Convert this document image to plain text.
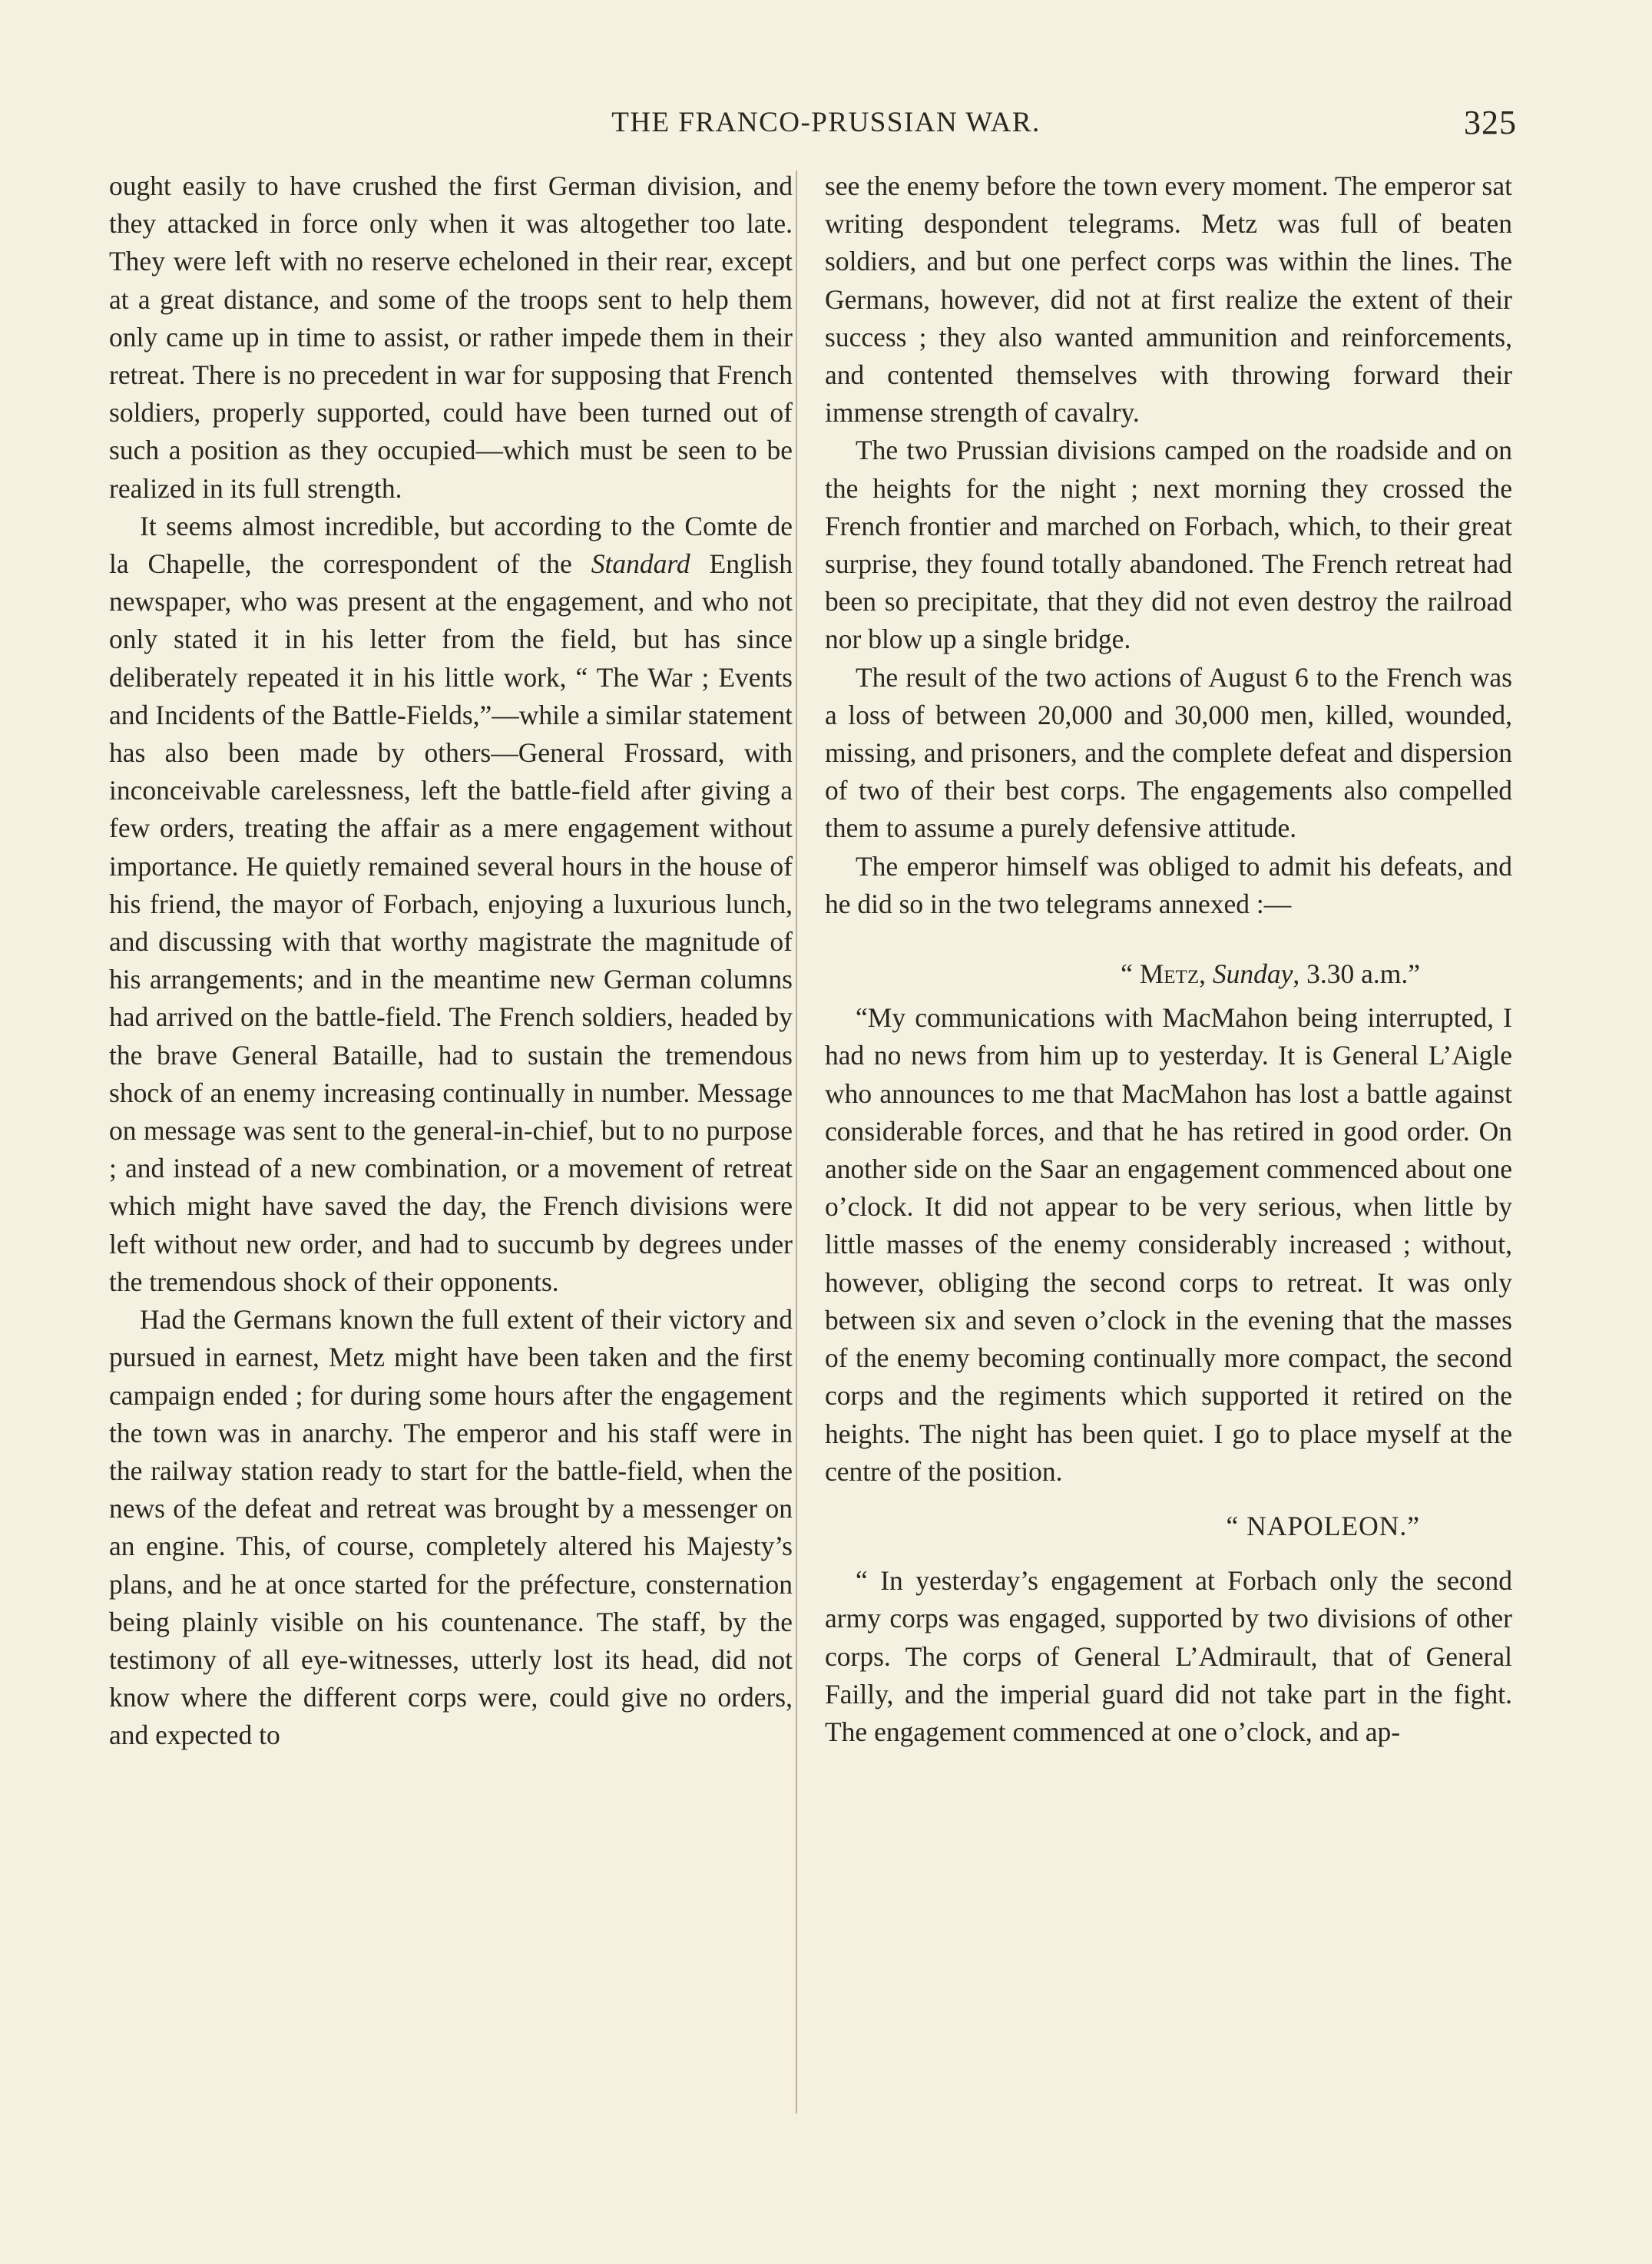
THE FRANCO-PRUSSIAN WAR.	325

ought easily to have crushed the first German division, and they attacked in force only when it was altogether too late. They were left with no reserve echeloned in their rear, except at a great distance, and some of the troops sent to help them only came up in time to assist, or rather impede them in their retreat. There is no precedent in war for supposing that French soldiers, properly supported, could have been turned out of such a position as they occupied—which must be seen to be realized in its full strength.

It seems almost incredible, but according to the Comte de la Chapelle, the correspondent of the Standard English newspaper, who was present at the engagement, and who not only stated it in his letter from the field, but has since deliberately repeated it in his little work, “ The War ; Events and Incidents of the Battle-Fields,”—while a similar statement has also been made by others—General Frossard, with inconceivable carelessness, left the battle-field after giving a few orders, treating the affair as a mere engagement without importance. He quietly remained several hours in the house of his friend, the mayor of Forbach, enjoying a luxurious lunch, and discussing with that worthy magistrate the magnitude of his arrangements; and in the meantime new German columns had arrived on the battle-field. The French soldiers, headed by the brave General Bataille, had to sustain the tremendous shock of an enemy increasing continually in number. Message on message was sent to the general-in-chief, but to no purpose ; and instead of a new combination, or a movement of retreat which might have saved the day, the French divisions were left without new order, and had to succumb by degrees under the tremendous shock of their opponents.

Had the Germans known the full extent of their victory and pursued in earnest, Metz might have been taken and the first campaign ended ; for during some hours after the engagement the town was in anarchy. The emperor and his staff were in the railway station ready to start for the battle-field, when the news of the defeat and retreat was brought by a messenger on an engine. This, of course, completely altered his Majesty’s plans, and he at once started for the préfecture, consternation being plainly visible on his countenance. The staff, by the testimony of all eye-witnesses, utterly lost its head, did not know where the different corps were, could give no orders, and expected to

see the enemy before the town every moment. The emperor sat writing despondent telegrams. Metz was full of beaten soldiers, and but one perfect corps was within the lines. The Germans, however, did not at first realize the extent of their success ; they also wanted ammunition and reinforcements, and contented themselves with throwing forward their immense strength of cavalry.

The two Prussian divisions camped on the roadside and on the heights for the night ; next morning they crossed the French frontier and marched on Forbach, which, to their great surprise, they found totally abandoned. The French retreat had been so precipitate, that they did not even destroy the railroad nor blow up a single bridge.

The result of the two actions of August 6 to the French was a loss of between 20,000 and 30,000 men, killed, wounded, missing, and prisoners, and the complete defeat and dispersion of two of their best corps. The engagements also compelled them to assume a purely defensive attitude.

The emperor himself was obliged to admit his defeats, and he did so in the two telegrams annexed :—

“ Metz, Sunday, 3.30 a.m.”

“My communications with MacMahon being interrupted, I had no news from him up to yesterday. It is General L’Aigle who announces to me that MacMahon has lost a battle against considerable forces, and that he has retired in good order. On another side on the Saar an engagement commenced about one o’clock. It did not appear to be very serious, when little by little masses of the enemy considerably increased ; without, however, obliging the second corps to retreat. It was only between six and seven o’clock in the evening that the masses of the enemy becoming continually more compact, the second corps and the regiments which supported it retired on the heights. The night has been quiet. I go to place myself at the centre of the position.

“ NAPOLEON.”

“ In yesterday’s engagement at Forbach only the second army corps was engaged, supported by two divisions of other corps. The corps of General L’Admirault, that of General Failly, and the imperial guard did not take part in the fight. The engagement commenced at one o’clock, and ap-
